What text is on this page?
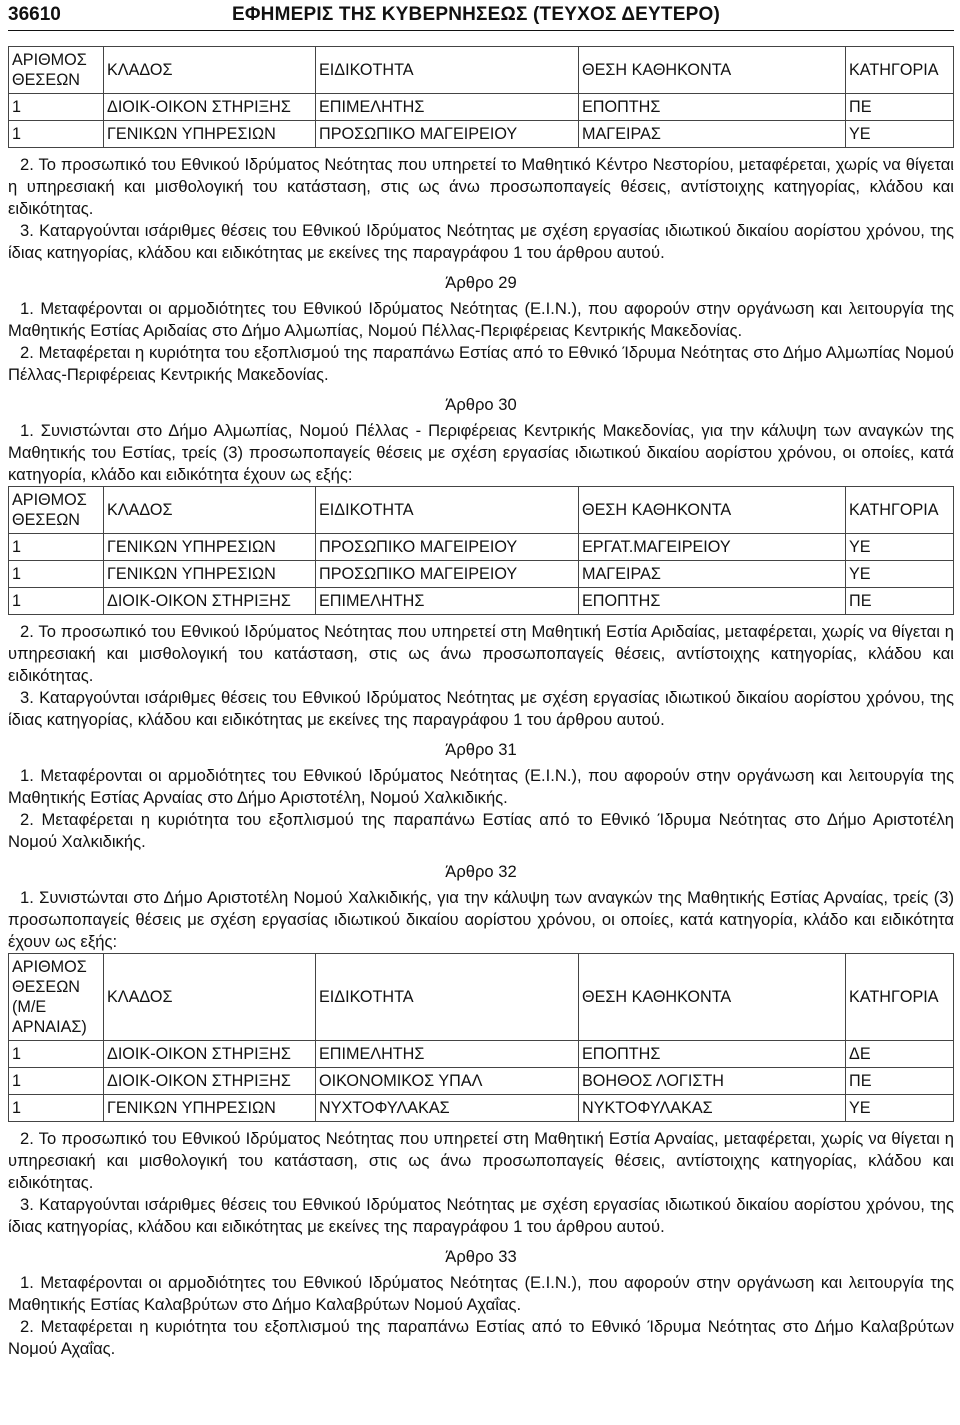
36610	ΕΦΗΜΕΡΙΣ ΤΗΣ ΚΥΒΕΡΝΗΣΕΩΣ (ΤΕΥΧΟΣ ΔΕΥΤΕΡΟ)
ΑΡΙΘΜΟΣ
ΘΕΣΕΩΝ	ΚΛΑΔΟΣ	ΕΙΔΙΚΟΤΗΤΑ	ΘΕΣΗ ΚΑΘΗΚΟΝΤΑ	ΚΑΤΗΓΟΡΙΑ
1	ΔΙΟΙΚ-ΟΙΚΟΝ ΣΤΗΡΙΞΗΣ	ΕΠΙΜΕΛΗΤΗΣ	ΕΠΟΠΤΗΣ	ΠΕ
1	ΓΕΝΙΚΩΝ ΥΠΗΡΕΣΙΩΝ	ΠΡΟΣΩΠΙΚΟ ΜΑΓΕΙΡΕΙΟΥ	ΜΑΓΕΙΡΑΣ	ΥΕ

2. Το προσωπικό του Εθνικού Ιδρύματος Νεότητας που υπηρετεί το Μαθητικό Κέντρο Νεστορίου, μεταφέρεται, χωρίς να θίγεται η υπηρεσιακή και μισθολογική του κατάσταση, στις ως άνω προσωποπαγείς θέσεις, αντίστοιχης κατηγορίας, κλάδου και ειδικότητας.

3. Καταργούνται ισάριθμες θέσεις του Εθνικού Ιδρύματος Νεότητας με σχέση εργασίας ιδιωτικού δικαίου αορίστου χρόνου, της ίδιας κατηγορίας, κλάδου και ειδικότητας με εκείνες της παραγράφου 1 του άρθρου αυτού.

Άρθρο 29

1. Μεταφέρονται οι αρμοδιότητες του Εθνικού Ιδρύματος Νεότητας (Ε.Ι.Ν.), που αφορούν στην οργάνωση και λειτουργία της Μαθητικής Εστίας Αριδαίας στο Δήμο Αλμωπίας, Νομού Πέλλας-Περιφέρειας Κεντρικής Μακεδονίας.

2. Μεταφέρεται η κυριότητα του εξοπλισμού της παραπάνω Εστίας από το Εθνικό Ίδρυμα Νεότητας στο Δήμο Αλμωπίας Νομού Πέλλας-Περιφέρειας Κεντρικής Μακεδονίας.

Άρθρο 30

1. Συνιστώνται στο Δήμο Αλμωπίας, Νομού Πέλλας - Περιφέρειας Κεντρικής Μακεδονίας, για την κάλυψη των αναγκών της Μαθητικής του Εστίας, τρείς (3) προσωποπαγείς θέσεις με σχέση εργασίας ιδιωτικού δικαίου αορίστου χρόνου, οι οποίες, κατά κατηγορία, κλάδο και ειδικότητα έχουν ως εξής:

ΑΡΙΘΜΟΣ
ΘΕΣΕΩΝ	ΚΛΑΔΟΣ	ΕΙΔΙΚΟΤΗΤΑ	ΘΕΣΗ ΚΑΘΗΚΟΝΤΑ	ΚΑΤΗΓΟΡΙΑ
1	ΓΕΝΙΚΩΝ ΥΠΗΡΕΣΙΩΝ	ΠΡΟΣΩΠΙΚΟ ΜΑΓΕΙΡΕΙΟΥ	ΕΡΓΑΤ.ΜΑΓΕΙΡΕΙΟΥ	ΥΕ
1	ΓΕΝΙΚΩΝ ΥΠΗΡΕΣΙΩΝ	ΠΡΟΣΩΠΙΚΟ ΜΑΓΕΙΡΕΙΟΥ	ΜΑΓΕΙΡΑΣ	ΥΕ
1	ΔΙΟΙΚ-ΟΙΚΟΝ ΣΤΗΡΙΞΗΣ	ΕΠΙΜΕΛΗΤΗΣ	ΕΠΟΠΤΗΣ	ΠΕ

2. Το προσωπικό του Εθνικού Ιδρύματος Νεότητας που υπηρετεί στη Μαθητική Εστία Αριδαίας, μεταφέρεται, χωρίς να θίγεται η υπηρεσιακή και μισθολογική του κατάσταση, στις ως άνω προσωποπαγείς θέσεις, αντίστοιχης κατηγορίας, κλάδου και ειδικότητας.

3. Καταργούνται ισάριθμες θέσεις του Εθνικού Ιδρύματος Νεότητας με σχέση εργασίας ιδιωτικού δικαίου αορίστου χρόνου, της ίδιας κατηγορίας, κλάδου και ειδικότητας με εκείνες της παραγράφου 1 του άρθρου αυτού.

Άρθρο 31

1. Μεταφέρονται οι αρμοδιότητες του Εθνικού Ιδρύματος Νεότητας (Ε.Ι.Ν.), που αφορούν στην οργάνωση και λειτουργία της Μαθητικής Εστίας Αρναίας στο Δήμο Αριστοτέλη, Νομού Χαλκιδικής.

2. Μεταφέρεται η κυριότητα του εξοπλισμού της παραπάνω Εστίας από το Εθνικό Ίδρυμα Νεότητας στο Δήμο Αριστοτέλη Νομού Χαλκιδικής.

Άρθρο 32

1. Συνιστώνται στο Δήμο Αριστοτέλη Νομού Χαλκιδικής, για την κάλυψη των αναγκών της Μαθητικής Εστίας Αρναίας, τρείς (3) προσωποπαγείς θέσεις με σχέση εργασίας ιδιωτικού δικαίου αορίστου χρόνου, οι οποίες, κατά κατηγορία, κλάδο και ειδικότητα έχουν ως εξής:

ΑΡΙΘΜΟΣ
ΘΕΣΕΩΝ
(Μ/Ε
ΑΡΝΑΙΑΣ)	ΚΛΑΔΟΣ	ΕΙΔΙΚΟΤΗΤΑ	ΘΕΣΗ ΚΑΘΗΚΟΝΤΑ	ΚΑΤΗΓΟΡΙΑ
1	ΔΙΟΙΚ-ΟΙΚΟΝ ΣΤΗΡΙΞΗΣ	ΕΠΙΜΕΛΗΤΗΣ	ΕΠΟΠΤΗΣ	ΔΕ
1	ΔΙΟΙΚ-ΟΙΚΟΝ ΣΤΗΡΙΞΗΣ	ΟΙΚΟΝΟΜΙΚΟΣ ΥΠΑΛ	ΒΟΗΘΟΣ ΛΟΓΙΣΤΗ	ΠΕ
1	ΓΕΝΙΚΩΝ ΥΠΗΡΕΣΙΩΝ	ΝΥΧΤΟΦΥΛΑΚΑΣ	ΝΥΚΤΟΦΥΛΑΚΑΣ	ΥΕ

2. Το προσωπικό του Εθνικού Ιδρύματος Νεότητας που υπηρετεί στη Μαθητική Εστία Αρναίας, μεταφέρεται, χωρίς να θίγεται η υπηρεσιακή και μισθολογική του κατάσταση, στις ως άνω προσωποπαγείς θέσεις, αντίστοιχης κατηγορίας, κλάδου και ειδικότητας.

3. Καταργούνται ισάριθμες θέσεις του Εθνικού Ιδρύματος Νεότητας με σχέση εργασίας ιδιωτικού δικαίου αορίστου χρόνου, της ίδιας κατηγορίας, κλάδου και ειδικότητας με εκείνες της παραγράφου 1 του άρθρου αυτού.

Άρθρο 33

1. Μεταφέρονται οι αρμοδιότητες του Εθνικού Ιδρύματος Νεότητας (Ε.Ι.Ν.), που αφορούν στην οργάνωση και λειτουργία της Μαθητικής Εστίας Καλαβρύτων στο Δήμο Καλαβρύτων Νομού Αχαΐας.

2. Μεταφέρεται η κυριότητα του εξοπλισμού της παραπάνω Εστίας από το Εθνικό Ίδρυμα Νεότητας στο Δήμο Καλαβρύτων Νομού Αχαΐας.
